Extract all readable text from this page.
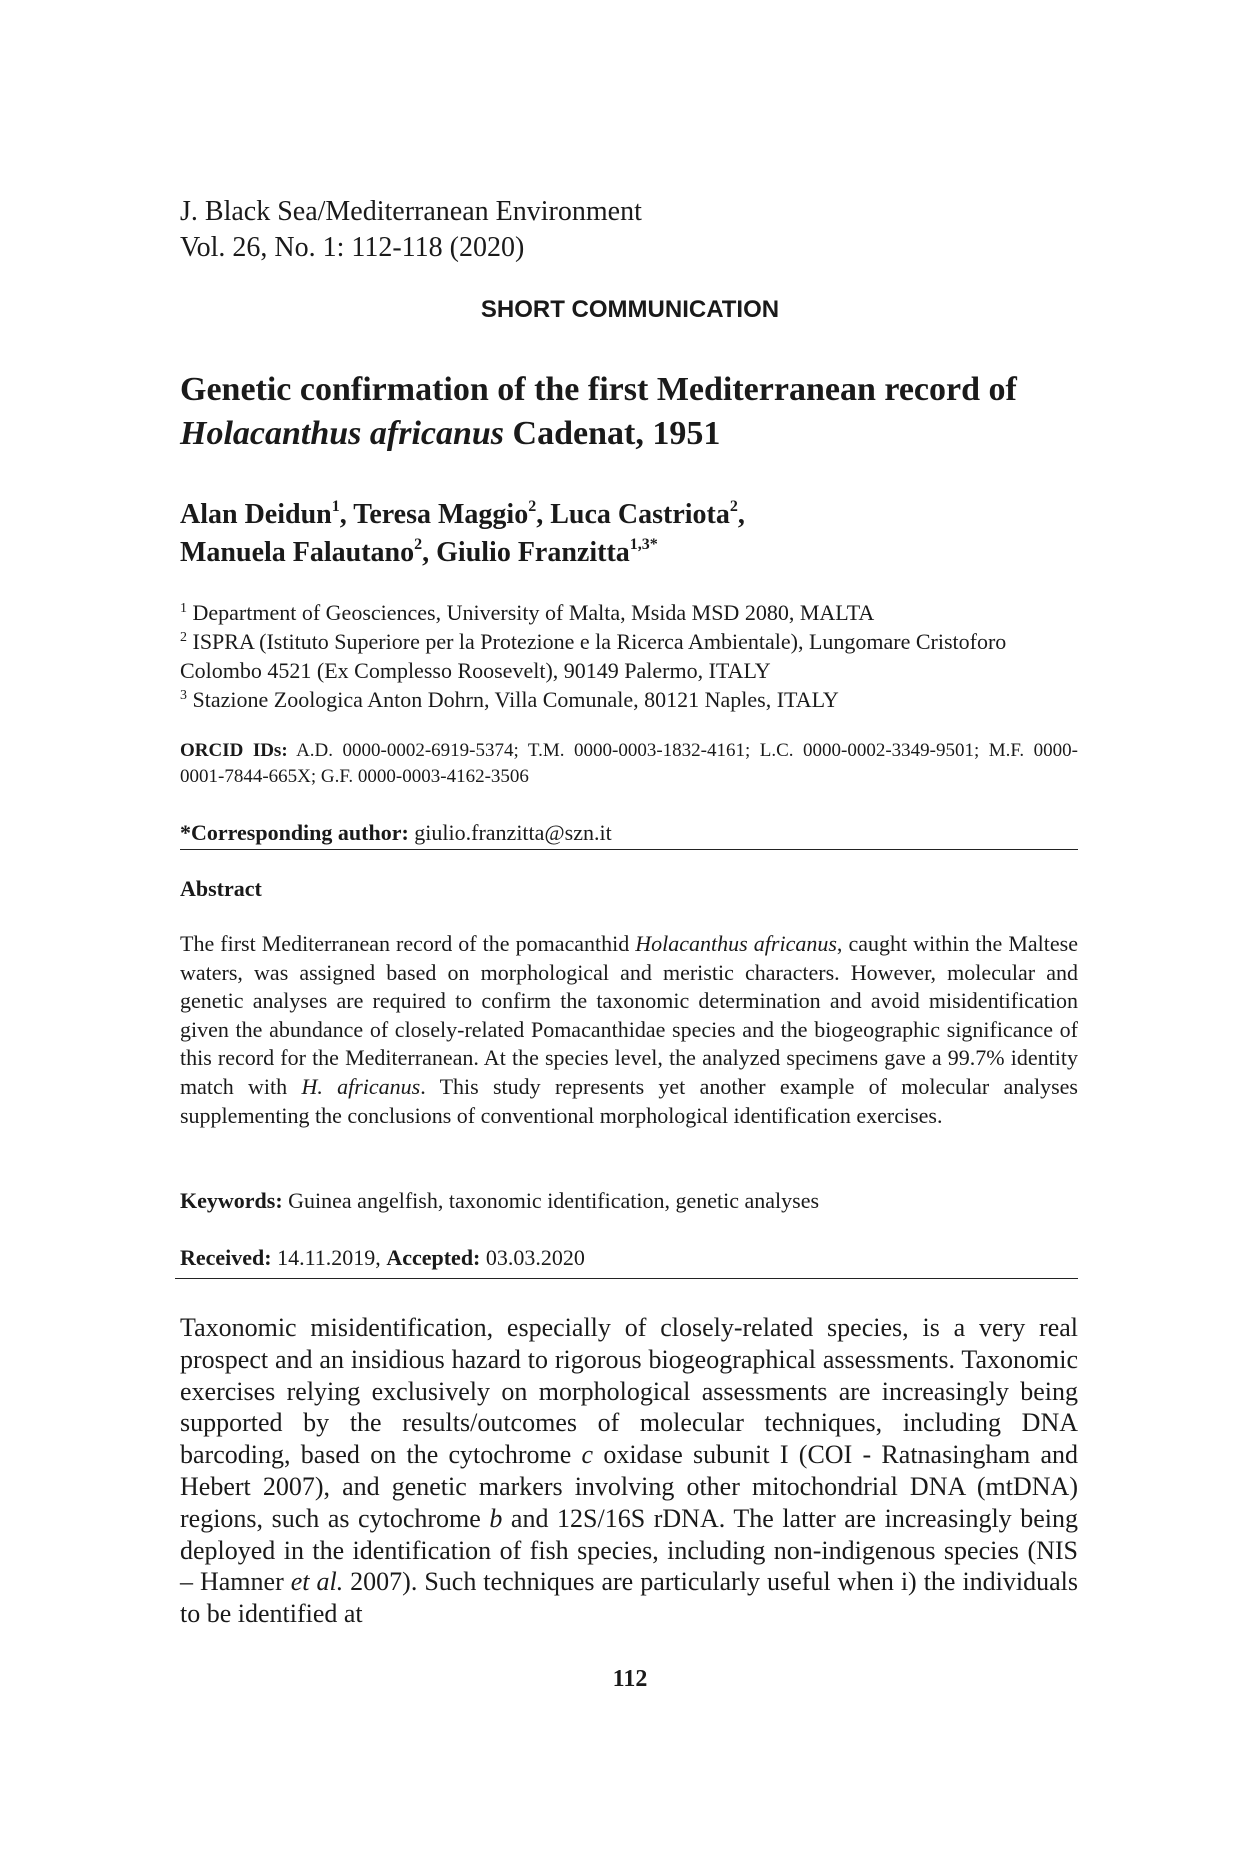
J. Black Sea/Mediterranean Environment
Vol. 26, No. 1: 112-118 (2020)
SHORT COMMUNICATION
Genetic confirmation of the first Mediterranean record of
Holacanthus africanus Cadenat, 1951
Alan Deidun$^1$, Teresa Maggio$^2$, Luca Castriota$^2$,
Manuela Falautano$^2$, Giulio Franzitta$^{1,3*}$
$^1$ Department of Geosciences, University of Malta, Msida MSD 2080, MALTA
$^2$ ISPRA (Istituto Superiore per la Protezione e la Ricerca Ambientale), Lungomare Cristoforo Colombo 4521 (Ex Complesso Roosevelt), 90149 Palermo, ITALY
$^3$ Stazione Zoologica Anton Dohrn, Villa Comunale, 80121 Naples, ITALY
ORCID IDs: A.D. 0000-0002-6919-5374; T.M. 0000-0003-1832-4161; L.C. 0000-0002-3349-9501; M.F. 0000-0001-7844-665X; G.F. 0000-0003-4162-3506
*Corresponding author: giulio.franzitta@szn.it
Abstract
The first Mediterranean record of the pomacanthid Holacanthus africanus, caught within the Maltese waters, was assigned based on morphological and meristic characters. However, molecular and genetic analyses are required to confirm the taxonomic determination and avoid misidentification given the abundance of closely-related Pomacanthidae species and the biogeographic significance of this record for the Mediterranean. At the species level, the analyzed specimens gave a 99.7% identity match with H. africanus. This study represents yet another example of molecular analyses supplementing the conclusions of conventional morphological identification exercises.
Keywords: Guinea angelfish, taxonomic identification, genetic analyses
Received: 14.11.2019, Accepted: 03.03.2020
Taxonomic misidentification, especially of closely-related species, is a very real prospect and an insidious hazard to rigorous biogeographical assessments. Taxonomic exercises relying exclusively on morphological assessments are increasingly being supported by the results/outcomes of molecular techniques, including DNA barcoding, based on the cytochrome c oxidase subunit I (COI - Ratnasingham and Hebert 2007), and genetic markers involving other mitochondrial DNA (mtDNA) regions, such as cytochrome b and 12S/16S rDNA. The latter are increasingly being deployed in the identification of fish species, including non-indigenous species (NIS – Hamner et al. 2007). Such techniques are particularly useful when i) the individuals to be identified at
112
